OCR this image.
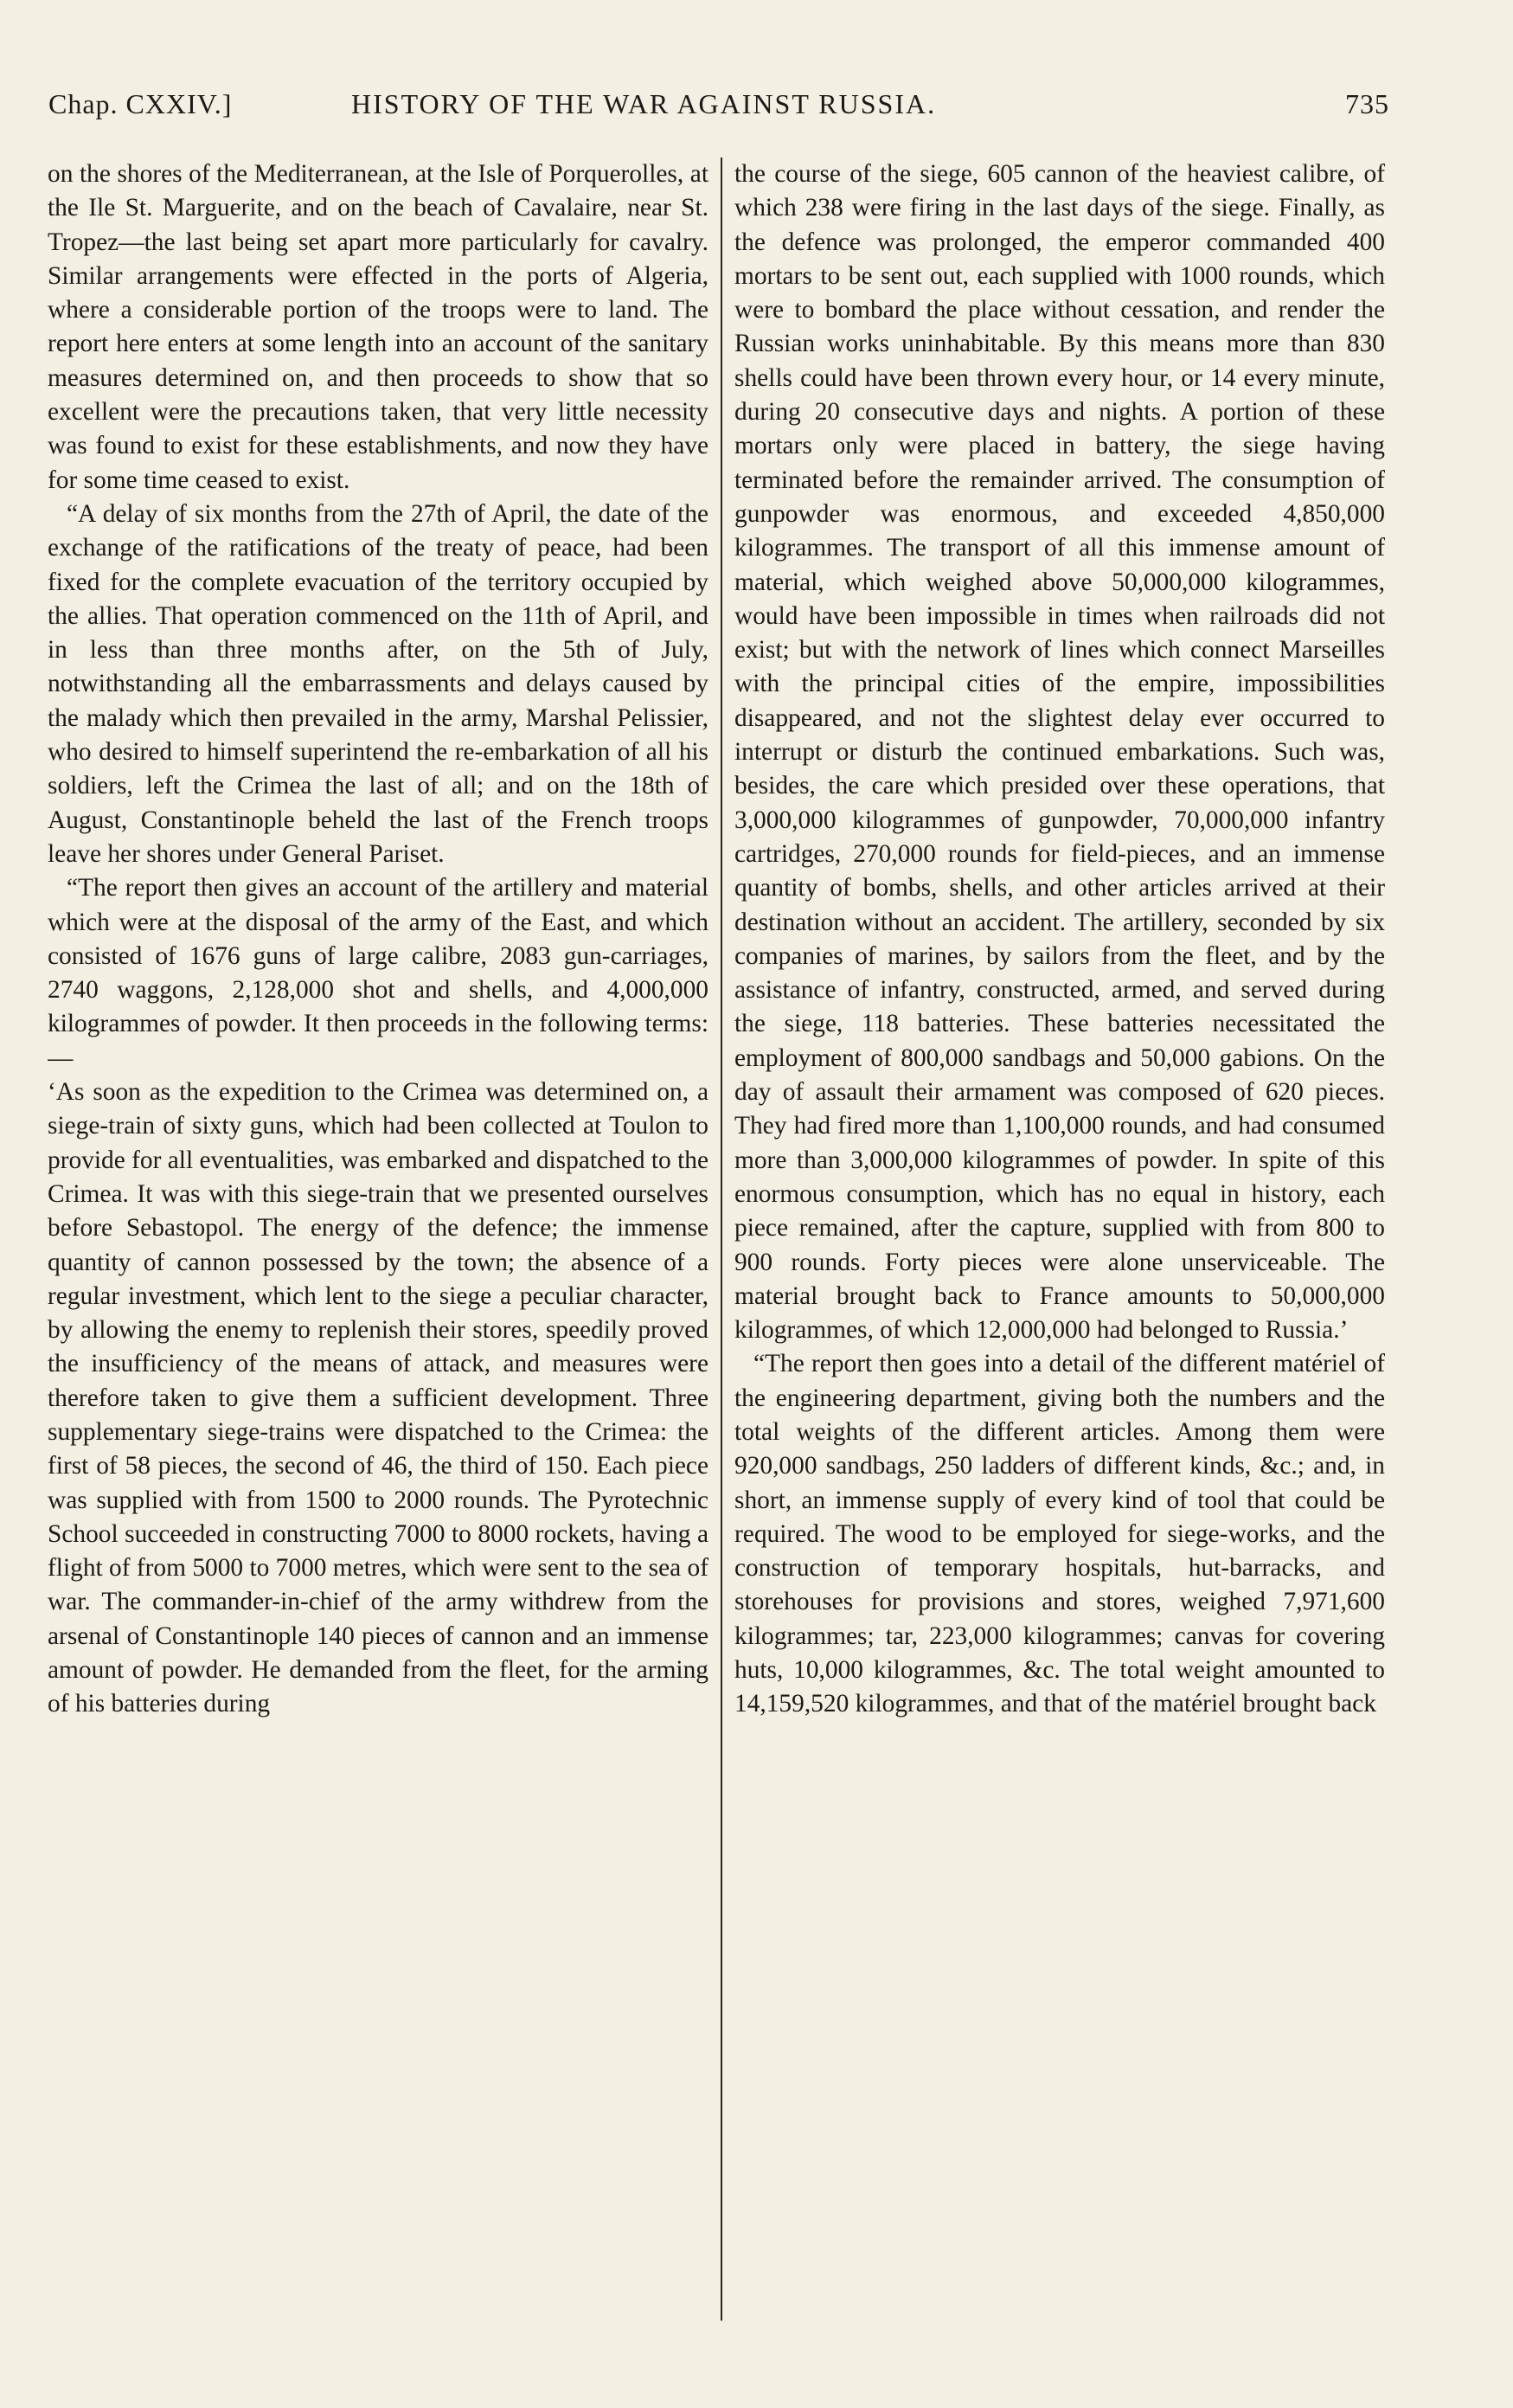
Chap. CXXIV.]	HISTORY OF THE WAR AGAINST RUSSIA.	735

on the shores of the Mediterranean, at the Isle of Porquerolles, at the Ile St. Marguerite, and on the beach of Cavalaire, near St. Tropez—the last being set apart more particularly for cavalry. Similar arrangements were effected in the ports of Algeria, where a considerable portion of the troops were to land. The report here enters at some length into an account of the sanitary measures determined on, and then proceeds to show that so excellent were the precautions taken, that very little necessity was found to exist for these establishments, and now they have for some time ceased to exist.

“A delay of six months from the 27th of April, the date of the exchange of the ratifications of the treaty of peace, had been fixed for the complete evacuation of the territory occupied by the allies. That operation commenced on the 11th of April, and in less than three months after, on the 5th of July, notwithstanding all the embarrassments and delays caused by the malady which then prevailed in the army, Marshal Pelissier, who desired to himself superintend the re-embarkation of all his soldiers, left the Crimea the last of all; and on the 18th of August, Constantinople beheld the last of the French troops leave her shores under General Pariset.

“The report then gives an account of the artillery and material which were at the disposal of the army of the East, and which consisted of 1676 guns of large calibre, 2083 gun-carriages, 2740 waggons, 2,128,000 shot and shells, and 4,000,000 kilogrammes of powder. It then proceeds in the following terms:—

‘As soon as the expedition to the Crimea was determined on, a siege-train of sixty guns, which had been collected at Toulon to provide for all eventualities, was embarked and dispatched to the Crimea. It was with this siege-train that we presented ourselves before Sebastopol. The energy of the defence; the immense quantity of cannon possessed by the town; the absence of a regular investment, which lent to the siege a peculiar character, by allowing the enemy to replenish their stores, speedily proved the insufficiency of the means of attack, and measures were therefore taken to give them a sufficient development. Three supplementary siege-trains were dispatched to the Crimea: the first of 58 pieces, the second of 46, the third of 150. Each piece was supplied with from 1500 to 2000 rounds. The Pyrotechnic School succeeded in constructing 7000 to 8000 rockets, having a flight of from 5000 to 7000 metres, which were sent to the sea of war. The commander-in-chief of the army withdrew from the arsenal of Constantinople 140 pieces of cannon and an immense amount of powder. He demanded from the fleet, for the arming of his batteries during

the course of the siege, 605 cannon of the heaviest calibre, of which 238 were firing in the last days of the siege. Finally, as the defence was prolonged, the emperor commanded 400 mortars to be sent out, each supplied with 1000 rounds, which were to bombard the place without cessation, and render the Russian works uninhabitable. By this means more than 830 shells could have been thrown every hour, or 14 every minute, during 20 consecutive days and nights. A portion of these mortars only were placed in battery, the siege having terminated before the remainder arrived. The consumption of gunpowder was enormous, and exceeded 4,850,000 kilogrammes. The transport of all this immense amount of material, which weighed above 50,000,000 kilogrammes, would have been impossible in times when railroads did not exist; but with the network of lines which connect Marseilles with the principal cities of the empire, impossibilities disappeared, and not the slightest delay ever occurred to interrupt or disturb the continued embarkations. Such was, besides, the care which presided over these operations, that 3,000,000 kilogrammes of gunpowder, 70,000,000 infantry cartridges, 270,000 rounds for field-pieces, and an immense quantity of bombs, shells, and other articles arrived at their destination without an accident. The artillery, seconded by six companies of marines, by sailors from the fleet, and by the assistance of infantry, constructed, armed, and served during the siege, 118 batteries. These batteries necessitated the employment of 800,000 sandbags and 50,000 gabions. On the day of assault their armament was composed of 620 pieces. They had fired more than 1,100,000 rounds, and had consumed more than 3,000,000 kilogrammes of powder. In spite of this enormous consumption, which has no equal in history, each piece remained, after the capture, supplied with from 800 to 900 rounds. Forty pieces were alone unserviceable. The material brought back to France amounts to 50,000,000 kilogrammes, of which 12,000,000 had belonged to Russia.’

“The report then goes into a detail of the different matériel of the engineering department, giving both the numbers and the total weights of the different articles. Among them were 920,000 sandbags, 250 ladders of different kinds, &c.; and, in short, an immense supply of every kind of tool that could be required. The wood to be employed for siege-works, and the construction of temporary hospitals, hut-barracks, and storehouses for provisions and stores, weighed 7,971,600 kilogrammes; tar, 223,000 kilogrammes; canvas for covering huts, 10,000 kilogrammes, &c. The total weight amounted to 14,159,520 kilogrammes, and that of the matériel brought back
